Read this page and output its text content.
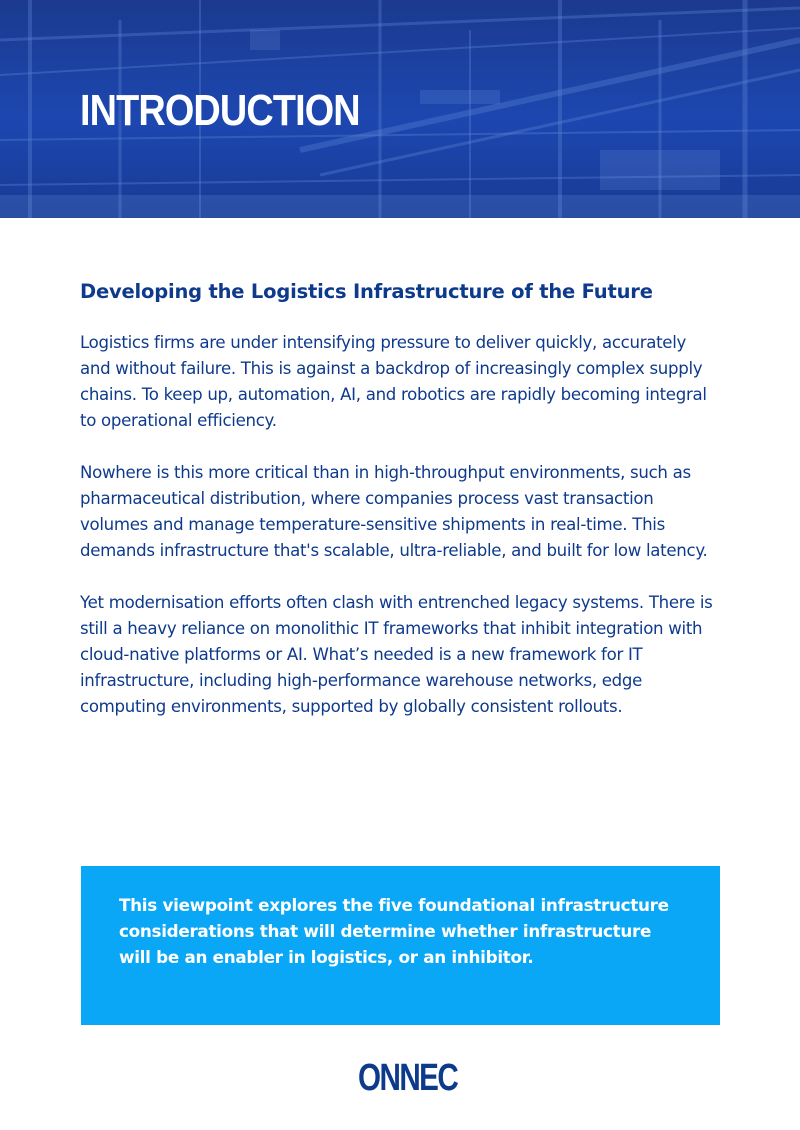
INTRODUCTION
Developing the Logistics Infrastructure of the Future

Logistics firms are under intensifying pressure to deliver quickly, accurately and without failure. This is against a backdrop of increasingly complex supply chains. To keep up, automation, AI, and robotics are rapidly becoming integral to operational efficiency.

Nowhere is this more critical than in high-throughput environments, such as pharmaceutical distribution, where companies process vast transaction volumes and manage temperature-sensitive shipments in real-time. This demands infrastructure that's scalable, ultra-reliable, and built for low latency.

Yet modernisation efforts often clash with entrenched legacy systems. There is still a heavy reliance on monolithic IT frameworks that inhibit integration with cloud-native platforms or AI. What’s needed is a new framework for IT infrastructure, including high-performance warehouse networks, edge computing environments, supported by globally consistent rollouts.

This viewpoint explores the five foundational infrastructure considerations that will determine whether infrastructure will be an enabler in logistics, or an inhibitor.
ONNEC
